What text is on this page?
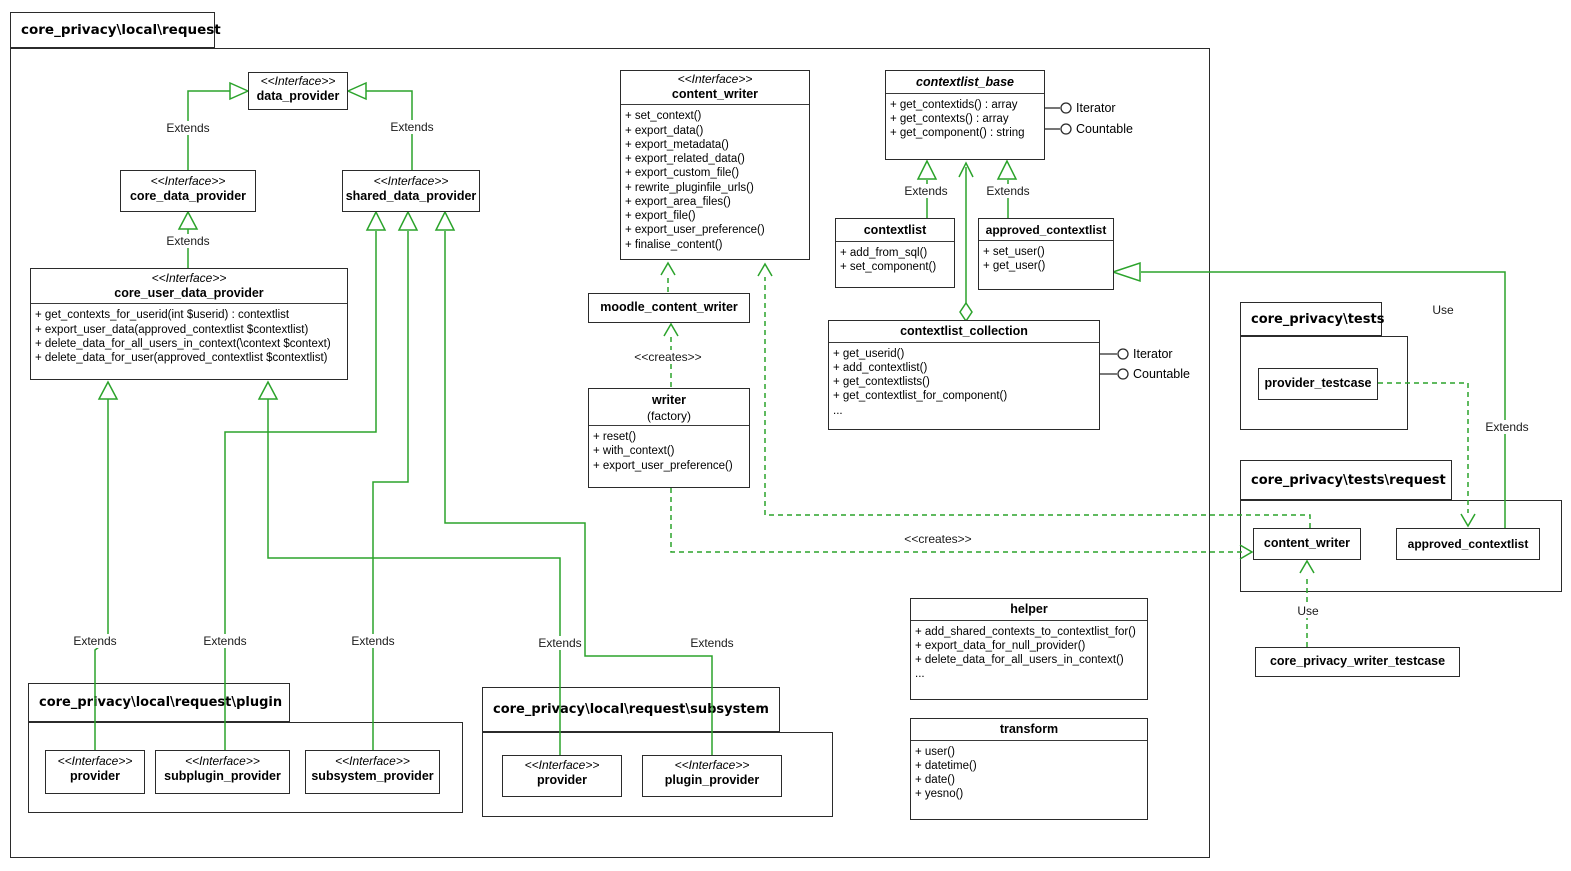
core_privacy\local\request
core_privacy\local\request\plugin	core_privacy\local\request\subsystem
core_privacy\tests
core_privacy\tests\request
Iterator
Countable
Iterator
Countable
<<Interface>>
data_provider
<<Interface>>
core_data_provider
<<Interface>>
shared_data_provider
<<Interface>>
core_user_data_provider
+ get_contexts_for_userid(int $userid) : contextlist
+ export_user_data(approved_contextlist $contextlist)
+ delete_data_for_all_users_in_context(\context $context)
+ delete_data_for_user(approved_contextlist $contextlist)
<<Interface>>
content_writer
+ set_context()
+ export_data()
+ export_metadata()
+ export_related_data()
+ export_custom_file()
+ rewrite_pluginfile_urls()
+ export_area_files()
+ export_file()
+ export_user_preference()
+ finalise_content()
moodle_content_writer
writer
(factory)
+ reset()
+ with_context()
+ export_user_preference()
contextlist_base
+ get_contextids() : array
+ get_contexts() : array
+ get_component() : string
contextlist
+ add_from_sql()
+ set_component()
approved_contextlist
+ set_user()
+ get_user()
contextlist_collection
+ get_userid()
+ add_contextlist()
+ get_contextlists()
+ get_contextlist_for_component()
...
helper
+ add_shared_contexts_to_contextlist_for()
+ export_data_for_null_provider()
+ delete_data_for_all_users_in_context()
...
transform
+ user()
+ datetime()
+ date()
+ yesno()
<<Interface>>
provider
<<Interface>>
subplugin_provider
<<Interface>>
subsystem_provider
<<Interface>>
provider
<<Interface>>
plugin_provider
provider_testcase
content_writer	approved_contextlist
core_privacy_writer_testcase
Extends	Extends
Extends
Extends	Extends
Extends	Extends	Extends	Extends	Extends
Extends
Use
Use
<<creates>>
<<creates>>
